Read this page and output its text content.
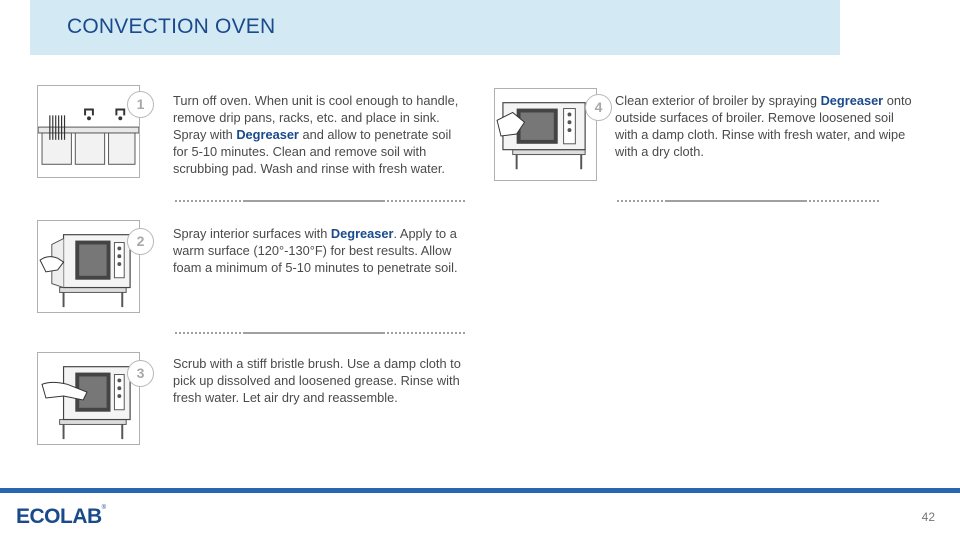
CONVECTION OVEN
1	Turn off oven. When unit is cool enough to handle, remove drip pans, racks, etc. and place in sink. Spray with Degreaser and allow to penetrate soil for 5-10 minutes. Clean and remove soil with scrubbing pad. Wash and rinse with fresh water.
2	Spray interior surfaces with Degreaser. Apply to a warm surface (120°-130°F) for best results. Allow foam a minimum of 5-10 minutes to penetrate soil.
3
Scrub with a stiff bristle brush. Use a damp cloth to pick up dissolved and loosened grease. Rinse with fresh water. Let air dry and reassemble.
4 Clean exterior of broiler by spraying Degreaser onto outside surfaces of broiler. Remove loosened soil with a damp cloth. Rinse with fresh water, and wipe with a dry cloth.
ECOLAB®
42
